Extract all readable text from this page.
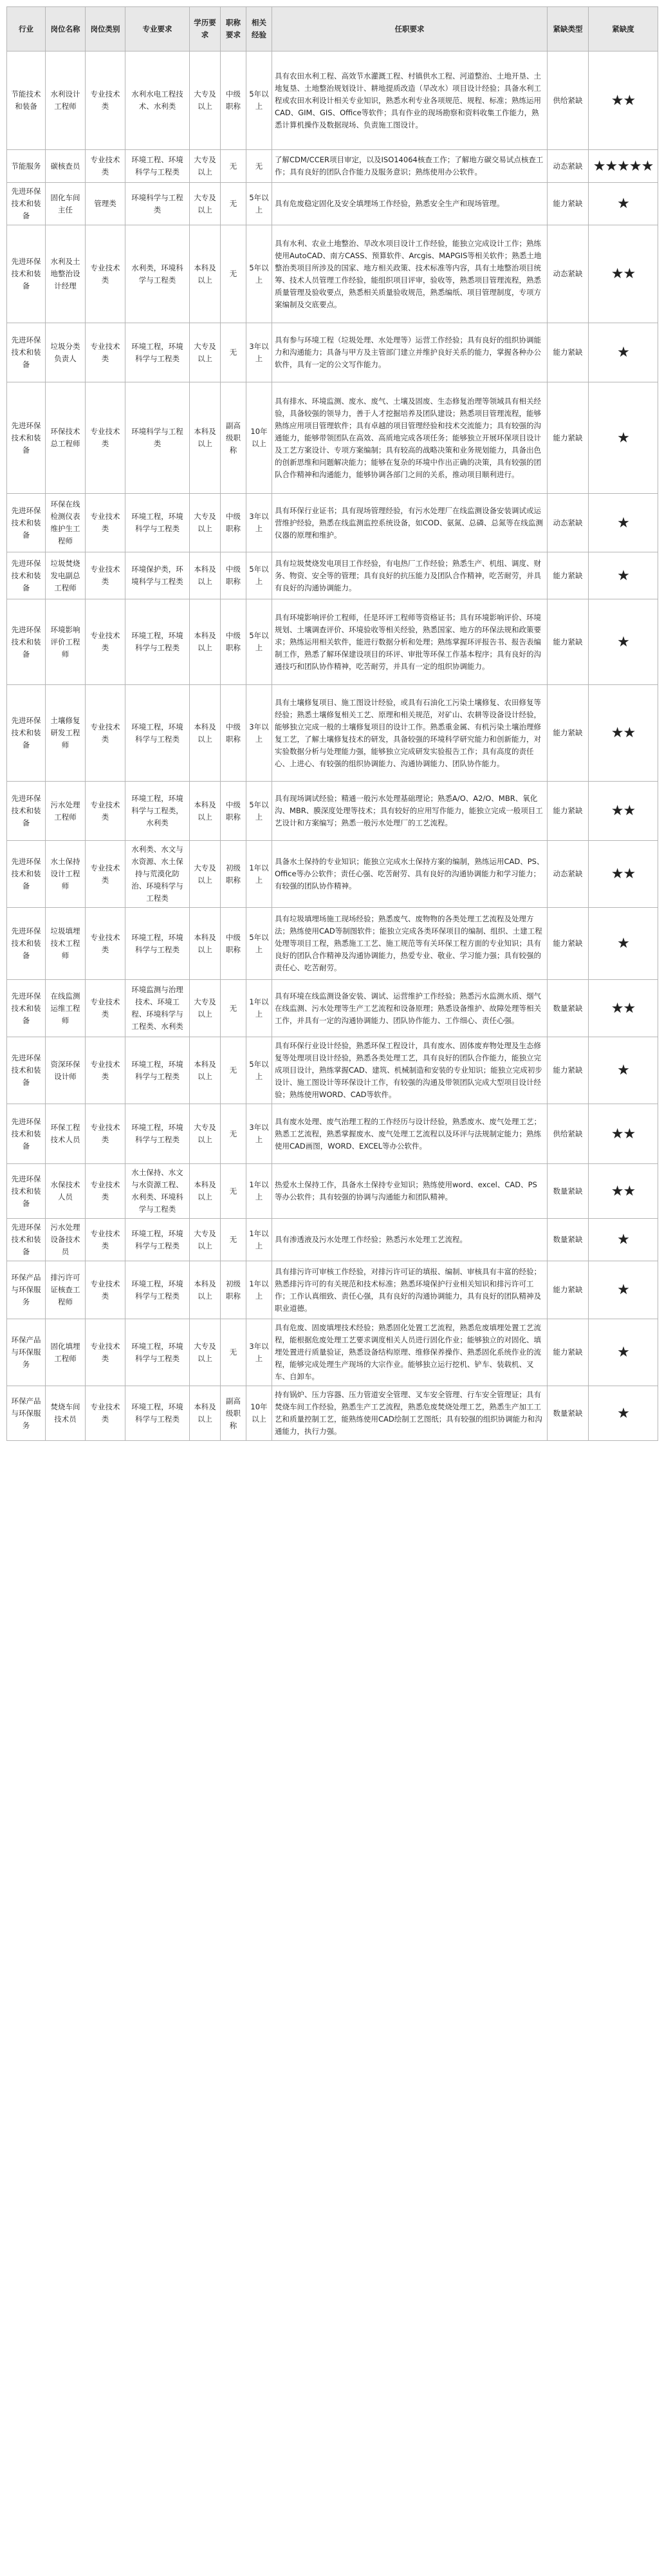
行业	岗位名称	岗位类别	专业要求	学历要求	职称要求	相关经验	任职要求	紧缺类型	紧缺度
节能技术和装备	水利设计工程师	专业技术类	水利水电工程技术、水利类	大专及以上	中级职称	5年以上	具有农田水利工程、高效节水灌溉工程、村镇供水工程、河道整治、土地开垦、土地复垦、土地整治规划设计、耕地提质改造（旱改水）项目设计经验；具备水利工程或农田水利设计相关专业知识，熟悉水利专业各项规范、规程、标准；熟练运用CAD、GIM、GIS、Office等软件；具有作业的现场勘察和资料收集工作能力，熟悉计算机操作及数据现场、负责施工图设计。	供给紧缺	★★
节能服务	碳核查员	专业技术类	环境工程、环境科学与工程类	大专及以上	无	无	了解CDM/CCER项目审定，以及ISO14064核查工作；了解地方碳交易试点核查工作；具有良好的团队合作能力及服务意识；熟练使用办公软件。	动态紧缺	★★★★★
先进环保技术和装备	固化车间主任	管理类	环境科学与工程类	大专及以上	无	5年以上	具有危废稳定固化及安全填埋场工作经验，熟悉安全生产和现场管理。	能力紧缺	★
先进环保技术和装备	水利及土地整治设计经理	专业技术类	水利类，环境科学与工程类	本科及以上	无	5年以上	具有水利、农业土地整治、旱改水项目设计工作经验，能独立完成设计工作；熟练使用AutoCAD、南方CASS、预算软件、Arcgis、MAPGIS等相关软件；熟悉土地整治类项目所涉及的国家、地方相关政策、技术标准等内容，具有土地整治项目统筹、技术人员管理工作经验，能组织项目评审，验收等，熟悉项目管理流程，熟悉质量管理及验收要点，熟悉相关质量验收规范，熟悉编纸、项目管理制度，专项方案编制及交底要点。	动态紧缺	★★
先进环保技术和装备	垃圾分类负责人	专业技术类	环境工程，环境科学与工程类	大专及以上	无	3年以上	具有参与环境工程（垃圾处理、水处理等）运营工作经验；具有良好的组织协调能力和沟通能力；具备与甲方及主管部门建立并维护良好关系的能力，掌握各种办公软件，具有一定的公文写作能力。	能力紧缺	★
先进环保技术和装备	环保技术总工程师	专业技术类	环境科学与工程类	本科及以上	副高级职称	10年以上	具有排水、环境监测、废水、废气、土壤及固废、生态修复治理等领域具有相关经验，具备较强的领导力，善于人才挖掘培养及团队建设；熟悉项目管理流程，能够熟练应用项目管理软件；具有卓越的项目管理经验和技术交流能力；具有较强的沟通能力，能够带领团队在高效、高质地完成各项任务；能够独立开展环保项目设计及工艺方案设计、专项方案编制；具有较高的战略决策和业务规划能力，具备出色的创新思维和问题解决能力；能够在复杂的环境中作出正确的决策，具有较强的团队合作精神和沟通能力，能够协调各部门之间的关系，推动项目顺利进行。	能力紧缺	★
先进环保技术和装备	环保在线检测仪表维护生工程师	专业技术类	环境工程，环境科学与工程类	大专及以上	中级职称	3年以上	具有环保行业证书；具有现场管理经验，有污水处理厂在线监测设备安装调试或运营维护经验，熟悉在线监测监控系统设备，如COD、氨氮、总磷、总氮等在线监测仪器的原理和维护。	动态紧缺	★
先进环保技术和装备	垃圾焚烧发电副总工程师	专业技术类	环境保护类，环境科学与工程类	本科及以上	中级职称	5年以上	具有垃圾焚烧发电项目工作经验，有电热厂工作经验；熟悉生产、机组、调度、财务、物资、安全等的管理；具有良好的抗压能力及团队合作精神，吃苦耐劳，并具有良好的沟通协调能力。	能力紧缺	★
先进环保技术和装备	环境影响评价工程师	专业技术类	环境工程，环境科学与工程类	本科及以上	中级职称	5年以上	具有环境影响评价工程师，任是环评工程师等资格证书；具有环境影响评价、环境规划、土壤调查评价、环境验收等相关经验，熟悉国家、地方的环保法规和政策要求；熟练运用相关软件，能进行数据分析和处理；熟练掌握环评报告书、报告表编制工作，熟悉了解环保建设项目的环评、审批等环保工作基本程序；具有良好的沟通技巧和团队协作精神，吃苦耐劳，并具有一定的组织协调能力。	能力紧缺	★
先进环保技术和装备	土壤修复研发工程师	专业技术类	环境工程，环境科学与工程类	本科及以上	中级职称	3年以上	具有土壤修复项目、施工图设计经验，或具有石油化工污染土壤修复、农田修复等经验；熟悉土壤修复相关工艺、原理和相关规范，对矿山、农耕等设备设计经验，能够独立完成一般的土壤修复项目的设计工作。熟悉重金属、有机污染土壤治理修复工艺，了解土壤修复技术的研发，具备较强的环境科学研究能力和创新能力，对实验数据分析与处理能力强，能够独立完成研发实验报告工作；具有高度的责任心、上进心、有较强的组织协调能力、沟通协调能力、团队协作能力。	能力紧缺	★★
先进环保技术和装备	污水处理工程师	专业技术类	环境工程，环境科学与工程类，水利类	本科及以上	中级职称	5年以上	具有现场调试经验；精通一般污水处理基础理论；熟悉A/O、A2/O、MBR、氧化沟、MBR、膜深度处理等技术；具有较好的应用写作能力，能独立完成一般项目工艺设计和方案编写；熟悉一般污水处理厂的工艺流程。	能力紧缺	★★
先进环保技术和装备	水土保持设计工程师	专业技术类	水利类、水文与水资源、水土保持与荒漠化防治、环境科学与工程类	大专及以上	初级职称	1年以上	具备水土保持的专业知识；能独立完成水土保持方案的编制，熟练运用CAD、PS、Office等办公软件；责任心强、吃苦耐劳、具有良好的沟通协调能力和学习能力；有较强的团队协作精神。	动态紧缺	★★
先进环保技术和装备	垃圾填埋技术工程师	专业技术类	环境工程，环境科学与工程类	本科及以上	中级职称	5年以上	具有垃圾填埋场施工现场经验；熟悉废气、废物物的各类处理工艺流程及处理方法；熟练使用CAD等制图软件；能独立完成各类环保项目的编制、组织、土建工程处理等项目工程，熟悉施工工艺、施工规范等有关环保工程方面的专业知识；具有良好的团队合作精神及沟通协调能力，热爱专业、敬业、学习能力强；具有较强的责任心、吃苦耐劳。	能力紧缺	★
先进环保技术和装备	在线监测运维工程师	专业技术类	环境监测与治理技术、环境工程、环境科学与工程类、水利类	大专及以上	无	1年以上	具有环境在线监测设备安装、调试、运营维护工作经验；熟悉污水监测水质、烟气在线监测、污水处理等生产工艺流程和设备原理；熟悉设备维护、故障处理等相关工作，并具有一定的沟通协调能力、团队协作能力、工作细心、责任心强。	数量紧缺	★★
先进环保技术和装备	资深环保设计师	专业技术类	环境工程，环境科学与工程类	本科及以上	无	5年以上	具有环保行业设计经验，熟悉环保工程设计，具有废水、固体废弃物处理及生态修复等处理项目设计经验，熟悉各类处理工艺，具有良好的团队合作能力，能独立完成项目设计，熟练掌握CAD、建筑、机械制造和安装的专业知识；能独立完成初步设计、施工图设计等环保设计工作，有较强的沟通及带领团队完成大型项目设计经验；熟练使用WORD、CAD等软件。	能力紧缺	★
先进环保技术和装备	环保工程技术人员	专业技术类	环境工程，环境科学与工程类	大专及以上	无	3年以上	具有废水处理、废气治理工程的工作经历与设计经验，熟悉废水、废气处理工艺；熟悉工艺流程，熟悉掌握废水、废气处理工艺流程以及环评与法规制定能力；熟练使用CAD画图，WORD、EXCEL等办公软件。	供给紧缺	★★
先进环保技术和装备	水保技术人员	专业技术类	水土保持、水文与水资源工程、水利类、环境科学与工程类	本科及以上	无	1年以上	热爱水土保持工作，具备水土保持专业知识；熟练使用word、excel、CAD、PS等办公软件；具有较强的协调与沟通能力和团队精神。	数量紧缺	★★
先进环保技术和装备	污水处理设备技术员	专业技术类	环境工程，环境科学与工程类	大专及以上	无	1年以上	具有渗透液及污水处理工作经验；熟悉污水处理工艺流程。	数量紧缺	★
环保产品与环保服务	排污许可证核查工程师	专业技术类	环境工程，环境科学与工程类	本科及以上	初级职称	1年以上	具有排污许可审核工作经验，对排污许可证的填报、编制、审核具有丰富的经验；熟悉排污许可的有关规范和技术标准；熟悉环境保护行业相关知识和排污许可工作；工作认真细致、责任心强，具有良好的沟通协调能力，具有良好的团队精神及职业道德。	能力紧缺	★
环保产品与环保服务	固化填埋工程师	专业技术类	环境工程，环境科学与工程类	大专及以上	无	3年以上	具有危废、固废填埋技术经验；熟悉固化处置工艺流程，熟悉危废填埋处置工艺流程，能根据危废处理工艺要求调度相关人员进行固化作业；能够独立的对固化、填埋处置进行质量验证，熟悉设备结构原理、维修保养操作、熟悉固化系统作业的流程，能够完成处理生产现场的大宗作业。能够独立运行挖机、铲车、装载机、叉车、自卸车。	能力紧缺	★
环保产品与环保服务	焚烧车间技术员	专业技术类	环境工程，环境科学与工程类	本科及以上	副高级职称	10年以上	持有锅炉、压力容器、压力管道安全管理、叉车安全管理、行车安全管理证；具有焚烧车间工作经验，熟悉生产工艺流程，熟悉危废焚烧处理工艺，熟悉生产加工工艺和质量控制工艺，能熟练使用CAD绘制工艺图纸；具有较强的组织协调能力和沟通能力，执行力强。	数量紧缺	★
